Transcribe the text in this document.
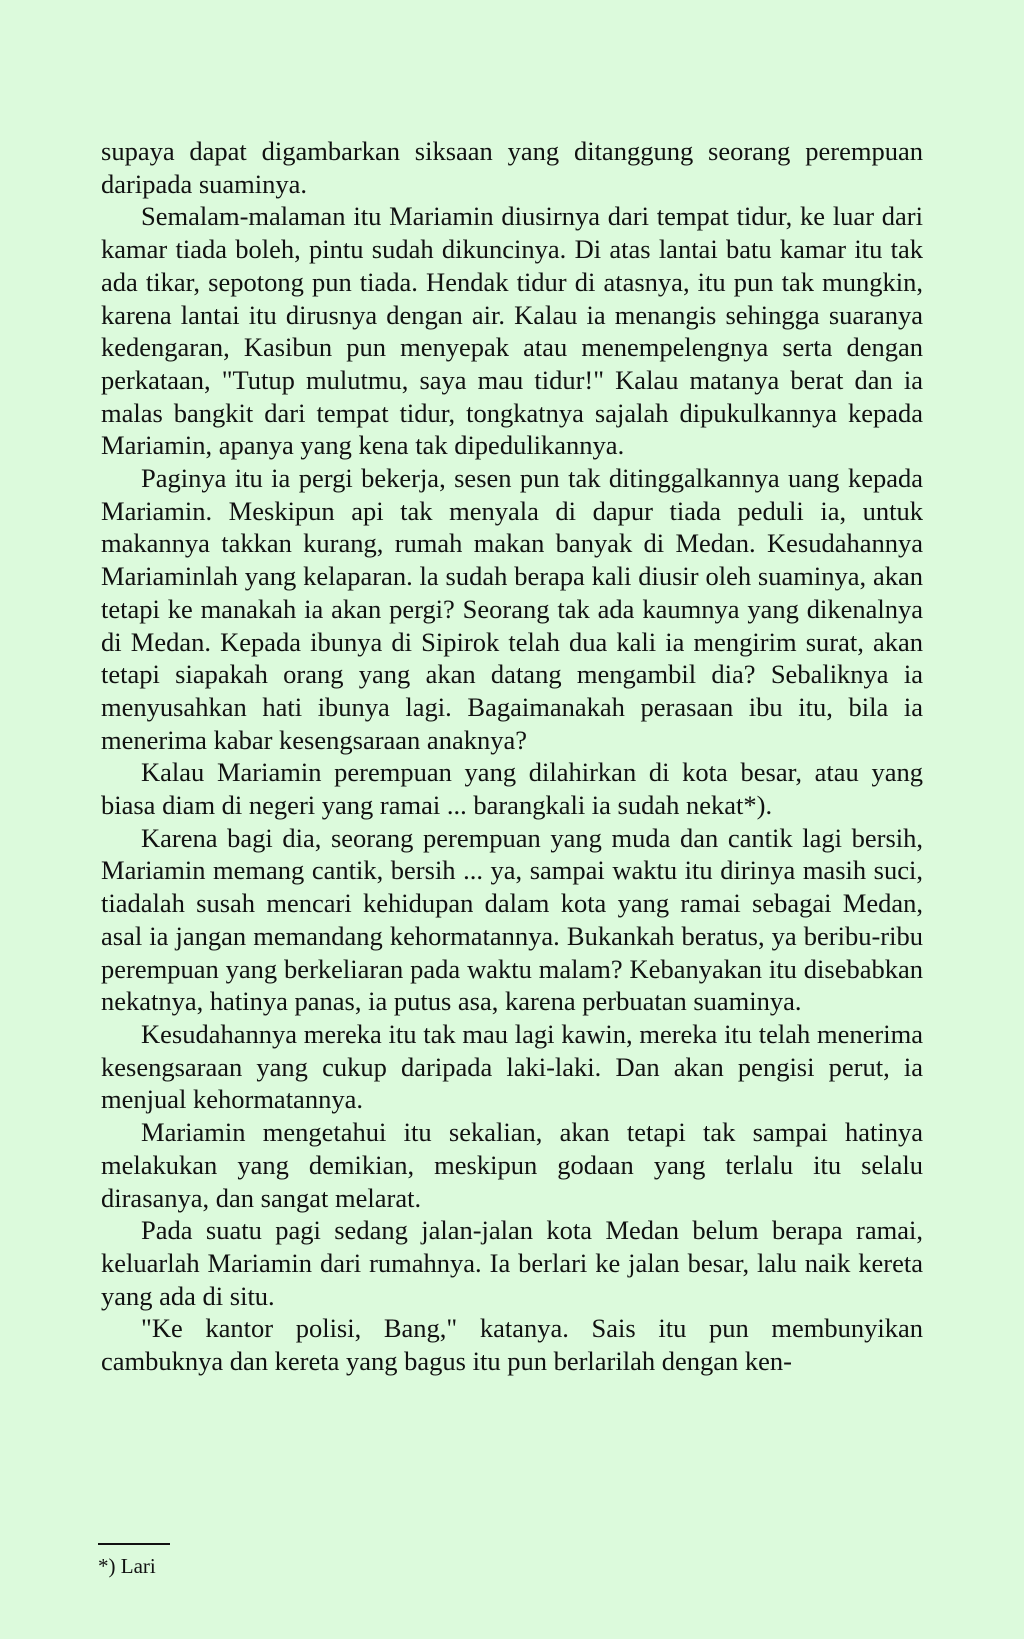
supaya dapat digambarkan siksaan yang ditanggung seorang perempuan daripada suaminya.

Semalam-malaman itu Mariamin diusirnya dari tempat tidur, ke luar dari kamar tiada boleh, pintu sudah dikuncinya. Di atas lantai batu kamar itu tak ada tikar, sepotong pun tiada. Hendak tidur di atasnya, itu pun tak mungkin, karena lantai itu dirusnya dengan air. Kalau ia menangis sehingga suaranya kedengaran, Kasibun pun menyepak atau menempelengnya serta dengan perkataan, "Tutup mulutmu, saya mau tidur!" Kalau matanya berat dan ia malas bangkit dari tempat tidur, tongkatnya sajalah dipukulkannya kepada Mariamin, apanya yang kena tak dipedulikannya.

Paginya itu ia pergi bekerja, sesen pun tak ditinggalkannya uang kepada Mariamin. Meskipun api tak menyala di dapur tiada peduli ia, untuk makannya takkan kurang, rumah makan banyak di Medan. Kesudahannya Mariaminlah yang kelaparan. la sudah berapa kali diusir oleh suaminya, akan tetapi ke manakah ia akan pergi? Seorang tak ada kaumnya yang dikenalnya di Medan. Kepada ibunya di Sipirok telah dua kali ia mengirim surat, akan tetapi siapakah orang yang akan datang mengambil dia? Sebaliknya ia menyusahkan hati ibunya lagi. Bagaimanakah perasaan ibu itu, bila ia menerima kabar kesengsaraan anaknya?

Kalau Mariamin perempuan yang dilahirkan di kota besar, atau yang biasa diam di negeri yang ramai ... barangkali ia sudah nekat*).

Karena bagi dia, seorang perempuan yang muda dan cantik lagi bersih, Mariamin memang cantik, bersih ... ya, sampai waktu itu dirinya masih suci, tiadalah susah mencari kehidupan dalam kota yang ramai sebagai Medan, asal ia jangan memandang kehormatannya. Bukankah beratus, ya beribu-ribu perempuan yang berkeliaran pada waktu malam? Kebanyakan itu disebabkan nekatnya, hatinya panas, ia putus asa, karena perbuatan suaminya.

Kesudahannya mereka itu tak mau lagi kawin, mereka itu telah menerima kesengsaraan yang cukup daripada laki-laki. Dan akan pengisi perut, ia menjual kehormatannya.

Mariamin mengetahui itu sekalian, akan tetapi tak sampai hatinya melakukan yang demikian, meskipun godaan yang terlalu itu selalu dirasanya, dan sangat melarat.

Pada suatu pagi sedang jalan-jalan kota Medan belum berapa ramai, keluarlah Mariamin dari rumahnya. Ia berlari ke jalan besar, lalu naik kereta yang ada di situ.

"Ke kantor polisi, Bang," katanya. Sais itu pun membunyikan cambuknya dan kereta yang bagus itu pun berlarilah dengan ken-

*) Lari
